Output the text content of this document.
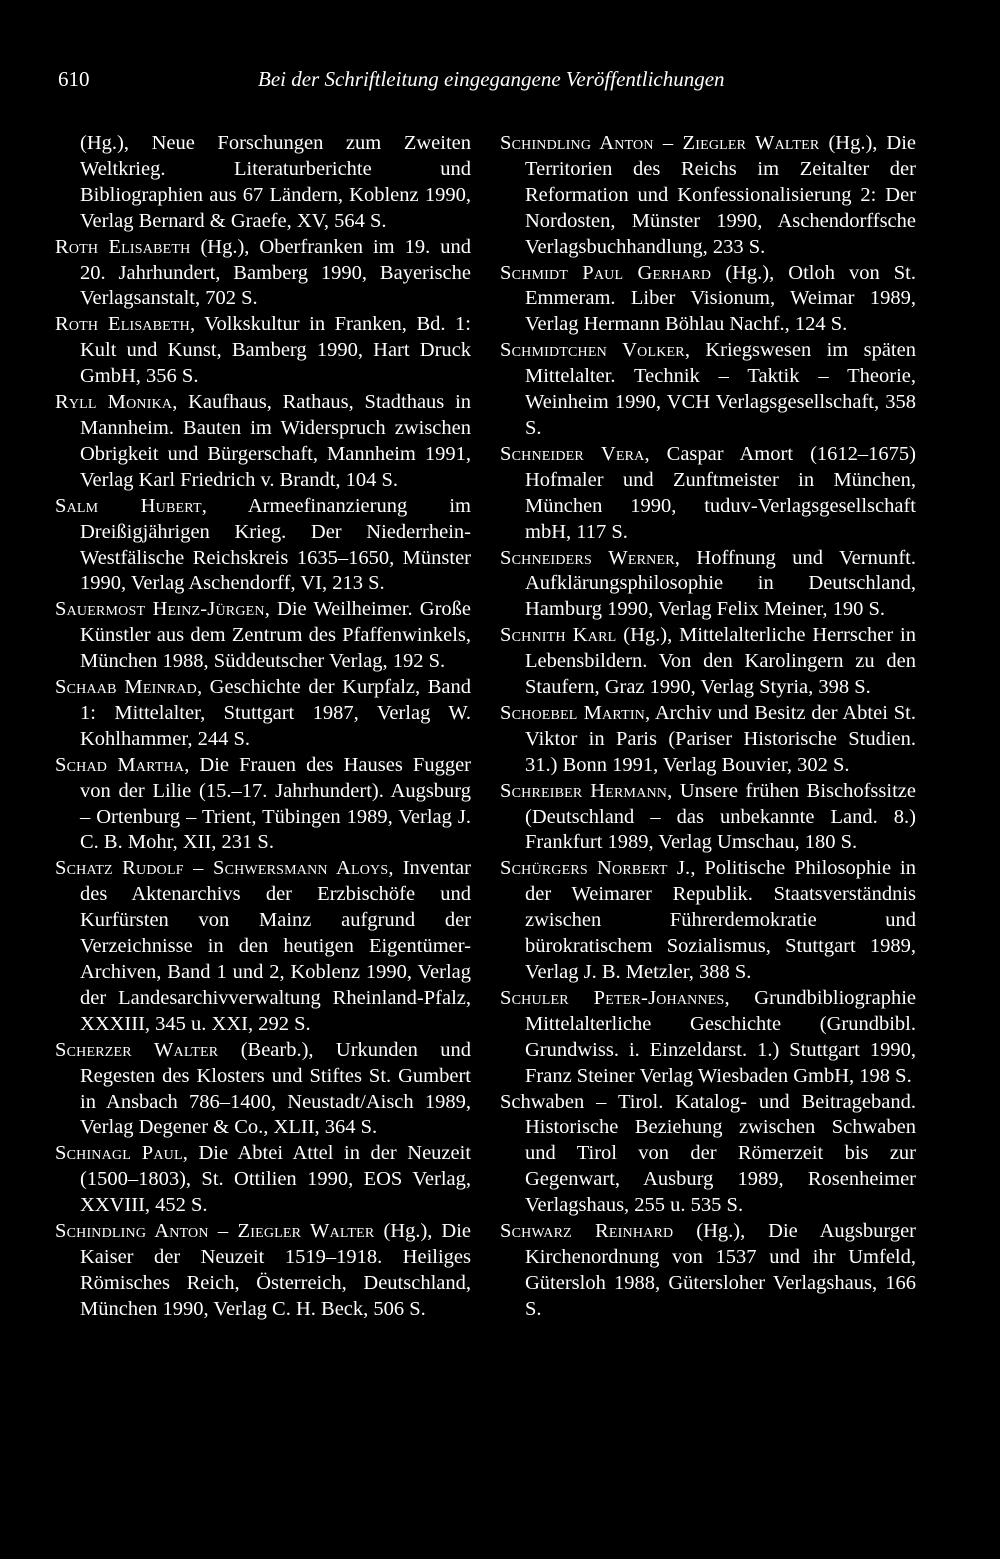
610	Bei der Schriftleitung eingegangene Veröffentlichungen

(Hg.), Neue Forschungen zum Zweiten Weltkrieg. Literaturberichte und Bibliographien aus 67 Ländern, Koblenz 1990, Verlag Bernard & Graefe, XV, 564 S.

Roth Elisabeth (Hg.), Oberfranken im 19. und 20. Jahrhundert, Bamberg 1990, Bayerische Verlagsanstalt, 702 S.

Roth Elisabeth, Volkskultur in Franken, Bd. 1: Kult und Kunst, Bamberg 1990, Hart Druck GmbH, 356 S.

Ryll Monika, Kaufhaus, Rathaus, Stadthaus in Mannheim. Bauten im Widerspruch zwischen Obrigkeit und Bürgerschaft, Mannheim 1991, Verlag Karl Friedrich v. Brandt, 104 S.

Salm Hubert, Armeefinanzierung im Dreißigjährigen Krieg. Der Niederrhein-Westfälische Reichskreis 1635–1650, Münster 1990, Verlag Aschendorff, VI, 213 S.

Sauermost Heinz-Jürgen, Die Weilheimer. Große Künstler aus dem Zentrum des Pfaffenwinkels, München 1988, Süddeutscher Verlag, 192 S.

Schaab Meinrad, Geschichte der Kurpfalz, Band 1: Mittelalter, Stuttgart 1987, Verlag W. Kohlhammer, 244 S.

Schad Martha, Die Frauen des Hauses Fugger von der Lilie (15.–17. Jahrhundert). Augsburg – Ortenburg – Trient, Tübingen 1989, Verlag J. C. B. Mohr, XII, 231 S.

Schatz Rudolf – Schwersmann Aloys, Inventar des Aktenarchivs der Erzbischöfe und Kurfürsten von Mainz aufgrund der Verzeichnisse in den heutigen Eigentümer-Archiven, Band 1 und 2, Koblenz 1990, Verlag der Landesarchivverwaltung Rheinland-Pfalz, XXXIII, 345 u. XXI, 292 S.

Scherzer Walter (Bearb.), Urkunden und Regesten des Klosters und Stiftes St. Gumbert in Ansbach 786–1400, Neustadt/Aisch 1989, Verlag Degener & Co., XLII, 364 S.

Schinagl Paul, Die Abtei Attel in der Neuzeit (1500–1803), St. Ottilien 1990, EOS Verlag, XXVIII, 452 S.

Schindling Anton – Ziegler Walter (Hg.), Die Kaiser der Neuzeit 1519–1918. Heiliges Römisches Reich, Österreich, Deutschland, München 1990, Verlag C. H. Beck, 506 S.

Schindling Anton – Ziegler Walter (Hg.), Die Territorien des Reichs im Zeitalter der Reformation und Konfessionalisierung 2: Der Nordosten, Münster 1990, Aschendorffsche Verlagsbuchhandlung, 233 S.

Schmidt Paul Gerhard (Hg.), Otloh von St. Emmeram. Liber Visionum, Weimar 1989, Verlag Hermann Böhlau Nachf., 124 S.

Schmidtchen Volker, Kriegswesen im späten Mittelalter. Technik – Taktik – Theorie, Weinheim 1990, VCH Verlagsgesellschaft, 358 S.

Schneider Vera, Caspar Amort (1612–1675) Hofmaler und Zunftmeister in München, München 1990, tuduv-Verlagsgesellschaft mbH, 117 S.

Schneiders Werner, Hoffnung und Vernunft. Aufklärungsphilosophie in Deutschland, Hamburg 1990, Verlag Felix Meiner, 190 S.

Schnith Karl (Hg.), Mittelalterliche Herrscher in Lebensbildern. Von den Karolingern zu den Staufern, Graz 1990, Verlag Styria, 398 S.

Schoebel Martin, Archiv und Besitz der Abtei St. Viktor in Paris (Pariser Historische Studien. 31.) Bonn 1991, Verlag Bouvier, 302 S.

Schreiber Hermann, Unsere frühen Bischofssitze (Deutschland – das unbekannte Land. 8.) Frankfurt 1989, Verlag Umschau, 180 S.

Schürgers Norbert J., Politische Philosophie in der Weimarer Republik. Staatsverständnis zwischen Führerdemokratie und bürokratischem Sozialismus, Stuttgart 1989, Verlag J. B. Metzler, 388 S.

Schuler Peter-Johannes, Grundbibliographie Mittelalterliche Geschichte (Grundbibl. Grundwiss. i. Einzeldarst. 1.) Stuttgart 1990, Franz Steiner Verlag Wiesbaden GmbH, 198 S.

Schwaben – Tirol. Katalog- und Beitrageband. Historische Beziehung zwischen Schwaben und Tirol von der Römerzeit bis zur Gegenwart, Ausburg 1989, Rosenheimer Verlagshaus, 255 u. 535 S.

Schwarz Reinhard (Hg.), Die Augsburger Kirchenordnung von 1537 und ihr Umfeld, Gütersloh 1988, Gütersloher Verlagshaus, 166 S.
